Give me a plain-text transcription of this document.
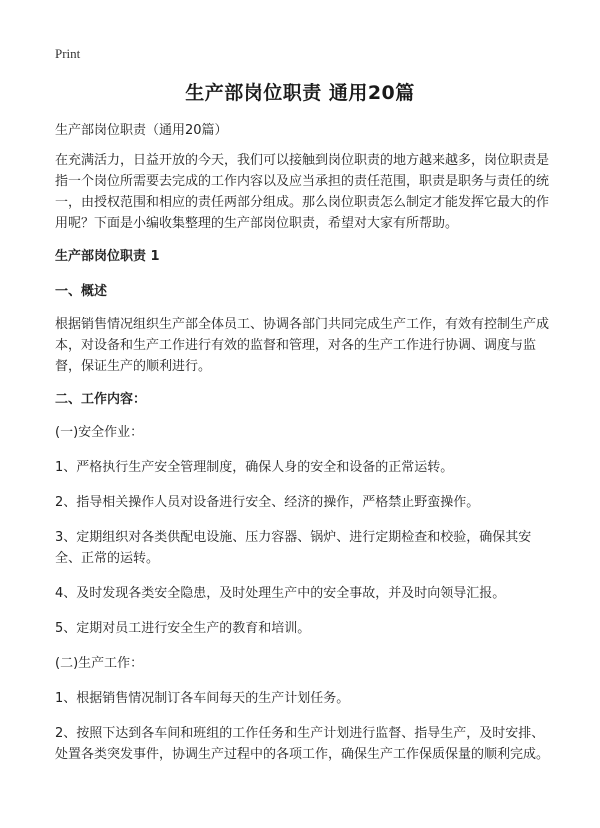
Print
生产部岗位职责 通用20篇

生产部岗位职责（通用20篇）

在充满活力，日益开放的今天，我们可以接触到岗位职责的地方越来越多，岗位职责是指一个岗位所需要去完成的工作内容以及应当承担的责任范围，职责是职务与责任的统一，由授权范围和相应的责任两部分组成。那么岗位职责怎么制定才能发挥它最大的作用呢？下面是小编收集整理的生产部岗位职责，希望对大家有所帮助。

生产部岗位职责 1

一、概述

根据销售情况组织生产部全体员工、协调各部门共同完成生产工作，有效有控制生产成本，对设备和生产工作进行有效的监督和管理，对各的生产工作进行协调、调度与监督，保证生产的顺利进行。

二、工作内容：

(一)安全作业：

1、严格执行生产安全管理制度，确保人身的安全和设备的正常运转。

2、指导相关操作人员对设备进行安全、经济的操作，严格禁止野蛮操作。

3、定期组织对各类供配电设施、压力容器、锅炉、进行定期检查和校验，确保其安全、正常的运转。

4、及时发现各类安全隐患，及时处理生产中的安全事故，并及时向领导汇报。

5、定期对员工进行安全生产的教育和培训。

(二)生产工作：

1、根据销售情况制订各车间每天的生产计划任务。

2、按照下达到各车间和班组的工作任务和生产计划进行监督、指导生产，及时安排、处置各类突发事件，协调生产过程中的各项工作，确保生产工作保质保量的顺利完成。
